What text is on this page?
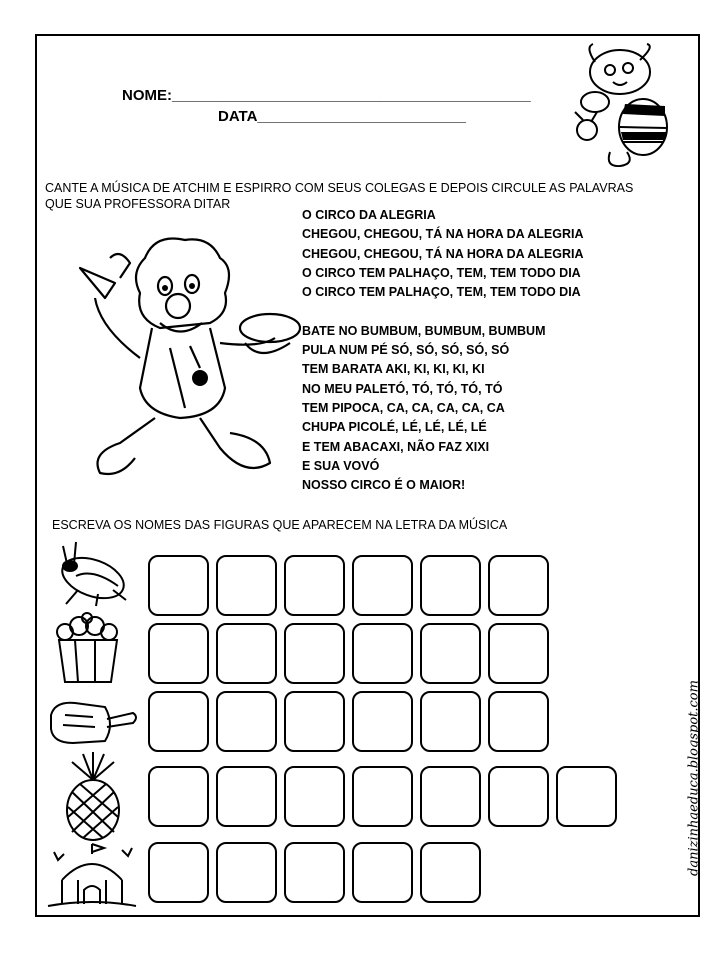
NOME:___________________________________________
DATA_________________________
CANTE A MÚSICA DE ATCHIM E ESPIRRO COM SEUS COLEGAS E DEPOIS CIRCULE AS PALAVRAS
QUE SUA PROFESSORA DITAR
O CIRCO DA ALEGRIA
CHEGOU, CHEGOU, TÁ NA HORA DA ALEGRIA
CHEGOU, CHEGOU, TÁ NA HORA DA ALEGRIA
O CIRCO TEM PALHAÇO, TEM, TEM TODO DIA
O CIRCO TEM PALHAÇO, TEM, TEM TODO DIA
BATE NO BUMBUM, BUMBUM, BUMBUM
PULA NUM PÉ SÓ, SÓ, SÓ, SÓ, SÓ
TEM BARATA AKI, KI, KI, KI, KI
NO MEU PALETÓ, TÓ, TÓ, TÓ, TÓ
TEM PIPOCA, CA, CA, CA, CA, CA
CHUPA PICOLÉ, LÉ, LÉ, LÉ, LÉ
E TEM ABACAXI, NÃO FAZ XIXI
E SUA VOVÓ
NOSSO CIRCO É O MAIOR!
ESCREVA OS NOMES DAS FIGURAS QUE APARECEM NA LETRA DA MÚSICA
danizinhaeduca.blogspot.com
